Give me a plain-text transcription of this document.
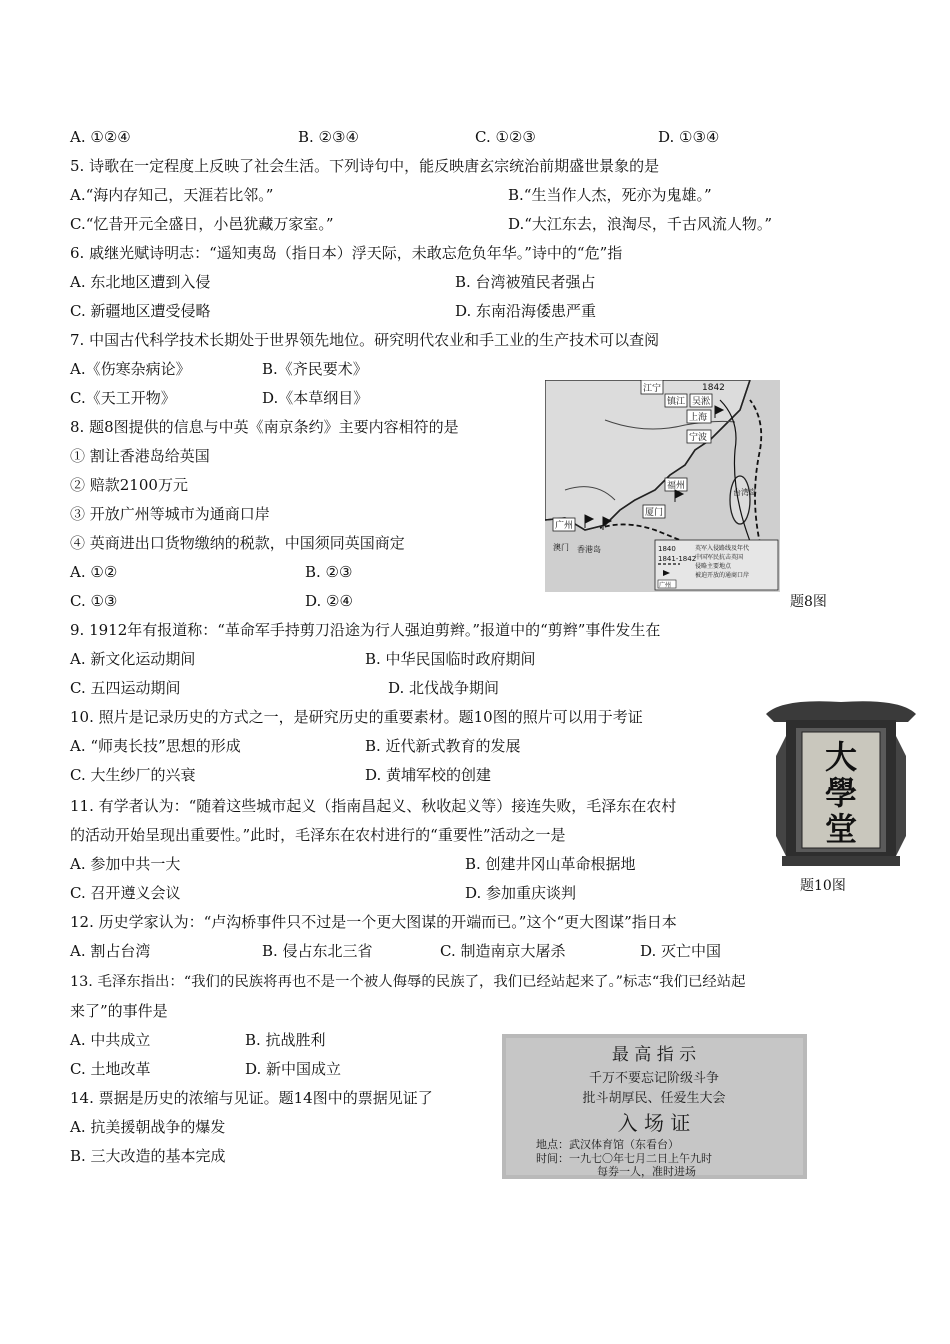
A. ①②④	B. ②③④	C. ①②③	D. ①③④
5. 诗歌在一定程度上反映了社会生活。下列诗句中，能反映唐玄宗统治前期盛世景象的是
A.“海内存知己，天涯若比邻。”	B.“生当作人杰，死亦为鬼雄。”
C.“忆昔开元全盛日，小邑犹藏万家室。”	D.“大江东去，浪淘尽，千古风流人物。”
6. 戚继光赋诗明志：“遥知夷岛（指日本）浮天际，未敢忘危负年华。”诗中的“危”指
A. 东北地区遭到入侵	B. 台湾被殖民者强占
C. 新疆地区遭受侵略	D. 东南沿海倭患严重
7. 中国古代科学技术长期处于世界领先地位。研究明代农业和手工业的生产技术可以查阅
A.《伤寒杂病论》	B.《齐民要术》
C.《天工开物》	D.《本草纲目》
8. 题8图提供的信息与中英《南京条约》主要内容相符的是
① 割让香港岛给英国
② 赔款2100万元
③ 开放广州等城市为通商口岸
④ 英商进出口货物缴纳的税款，中国须同英国商定
A. ①②	B. ②③
C. ①③	D. ②④
江宁	1842
镇江 吴淞
上海
宁波
福州
厦门
台湾岛
广州
澳门 香港岛	1840
1841-1842
广州
英军入侵路线及年代
中国军民抗击英国
侵略主要地点
被迫开放的通商口岸
题8图
9. 1912年有报道称：“革命军手持剪刀沿途为行人强迫剪辫。”报道中的“剪辫”事件发生在
A. 新文化运动期间	B. 中华民国临时政府期间
C. 五四运动期间	D. 北伐战争期间
10. 照片是记录历史的方式之一，是研究历史的重要素材。题10图的照片可以用于考证
A. “师夷长技”思想的形成	B. 近代新式教育的发展
C. 大生纱厂的兴衰	D. 黄埔军校的创建	大
學
堂
题10图
11. 有学者认为：“随着这些城市起义（指南昌起义、秋收起义等）接连失败，毛泽东在农村
的活动开始呈现出重要性。”此时，毛泽东在农村进行的“重要性”活动之一是
A. 参加中共一大	B. 创建井冈山革命根据地
C. 召开遵义会议	D. 参加重庆谈判
12. 历史学家认为：“卢沟桥事件只不过是一个更大图谋的开端而已。”这个“更大图谋”指日本
A. 割占台湾	B. 侵占东北三省	C. 制造南京大屠杀	D. 灭亡中国
13. 毛泽东指出：“我们的民族将再也不是一个被人侮辱的民族了，我们已经站起来了。”标志“我们已经站起
来了”的事件是
A. 中共成立	B. 抗战胜利
C. 土地改革	D. 新中国成立
14. 票据是历史的浓缩与见证。题14图中的票据见证了
A. 抗美援朝战争的爆发
B. 三大改造的基本完成
最 高 指 示
千万不要忘记阶级斗争
批斗胡厚民、任爱生大会
入 场 证
地点：武汉体育馆（东看台）
时间：一九七〇年七月二日上午九时
每券一人，准时进场
